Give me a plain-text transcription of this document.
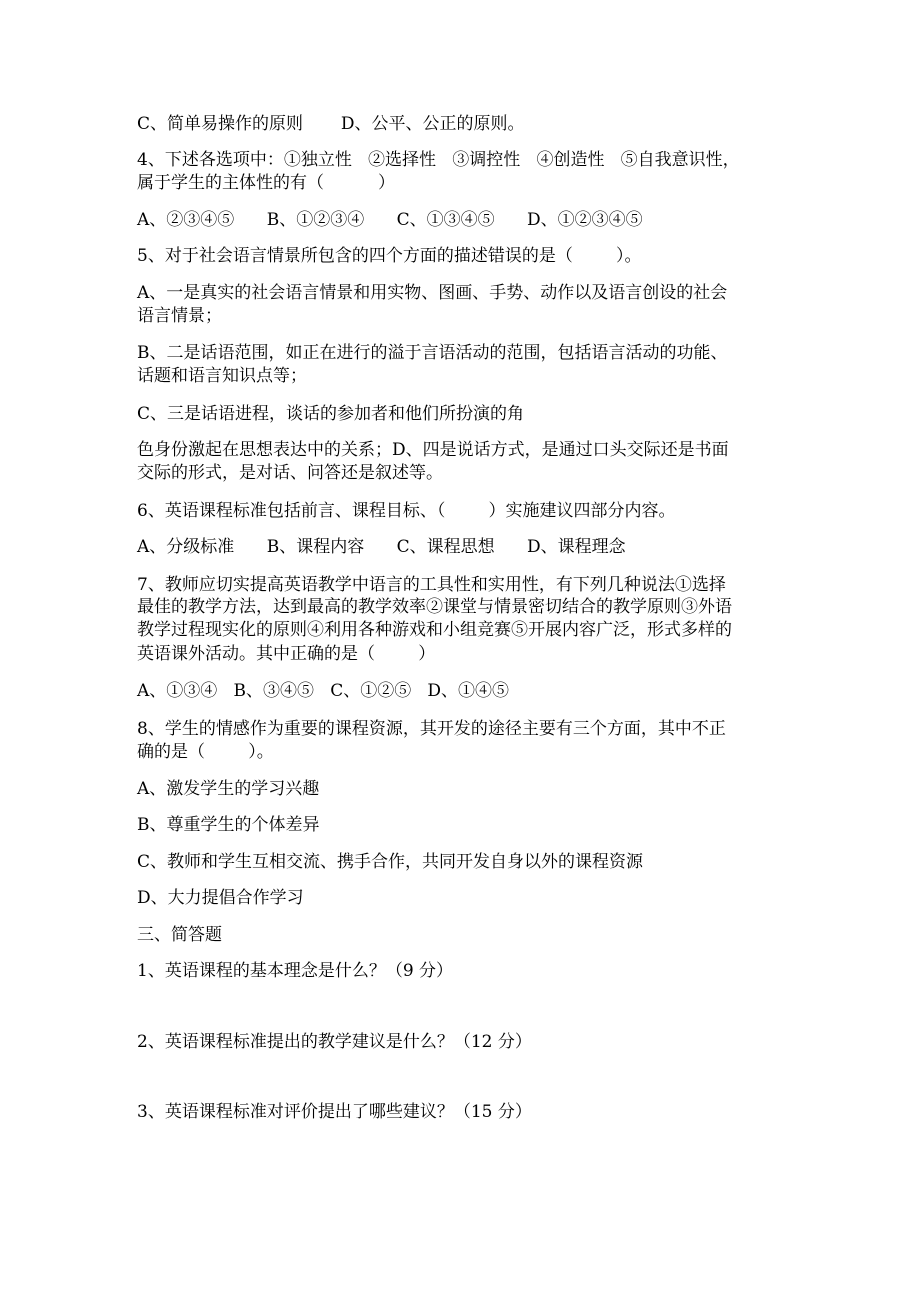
C、简单易操作的原则       D、公平、公正的原则。
4、下述各选项中：①独立性   ②选择性   ③调控性   ④创造性   ⑤自我意识性，
属于学生的主体性的有（          ）
A、②③④⑤      B、①②③④      C、①③④⑤      D、①②③④⑤
5、对于社会语言情景所包含的四个方面的描述错误的是（        ）。
A、一是真实的社会语言情景和用实物、图画、手势、动作以及语言创设的社会
语言情景；
B、二是话语范围，如正在进行的溢于言语活动的范围，包括语言活动的功能、
话题和语言知识点等；
C、三是话语进程，谈话的参加者和他们所扮演的角
色身份激起在思想表达中的关系；D、四是说话方式，是通过口头交际还是书面
交际的形式，是对话、问答还是叙述等。
6、英语课程标准包括前言、课程目标、（        ）实施建议四部分内容。
A、分级标准      B、课程内容      C、课程思想      D、课程理念
7、教师应切实提高英语教学中语言的工具性和实用性，有下列几种说法①选择
最佳的教学方法，达到最高的教学效率②课堂与情景密切结合的教学原则③外语
教学过程现实化的原则④利用各种游戏和小组竞赛⑤开展内容广泛，形式多样的
英语课外活动。其中正确的是（        ）
A、①③④   B、③④⑤   C、①②⑤   D、①④⑤
8、学生的情感作为重要的课程资源，其开发的途径主要有三个方面，其中不正
确的是（        ）。
A、激发学生的学习兴趣
B、尊重学生的个体差异
C、教师和学生互相交流、携手合作，共同开发自身以外的课程资源
D、大力提倡合作学习
三、简答题
1、英语课程的基本理念是什么？（9 分）
2、英语课程标准提出的教学建议是什么？（12 分）
3、英语课程标准对评价提出了哪些建议？（15 分）
